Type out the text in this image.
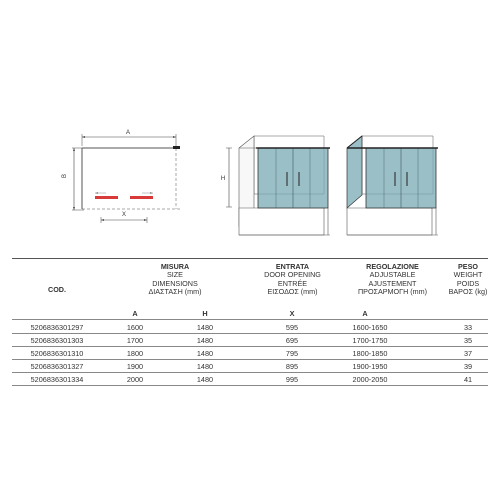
A
B
X
H
COD.
MISURA
SIZE
DIMENSIONS
ΔΙΑΣΤΑΣΗ (mm)
ENTRATA
DOOR OPENING
ENTRÉE
ΕΙΣΟΔΟΣ (mm)
REGOLAZIONE
ADJUSTABLE
AJUSTEMENT
ΠΡΟΣΑΡΜΟΓΗ (mm)
PESO
WEIGHT
POIDS
ΒΑΡΟΣ (kg)
A	H	X	A
5206836301297	1600	1480	595	1600-1650	33
5206836301303	1700	1480	695	1700-1750	35
5206836301310	1800	1480	795	1800-1850	37
5206836301327	1900	1480	895	1900-1950	39
5206836301334	2000	1480	995	2000-2050	41
